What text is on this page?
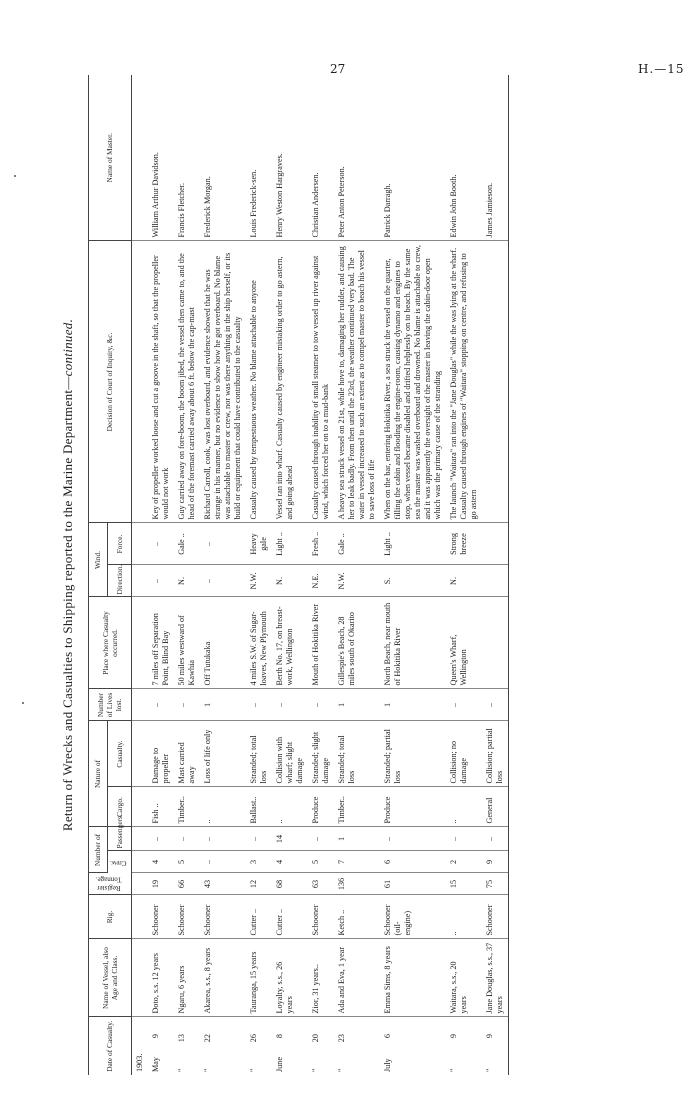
27	H.—15
Return of Wrecks and Casualties to Shipping reported to the Marine Department—continued.
Date of Casualty.	Name of Vessel, also Age and Class.	Rig.	Register Tonnage.	Number of		Nature of		Number of Lives lost.	Place where Casualty occurred.	Wind.		Decision of Court of Inquiry, &c.	Name of Master.
				Crew.	Passengers.	Cargo.	Casualty.			Direction.	Force.		
1903.													
May9	Doto, s.s. 12 years	Schooner	19	4	..	Fish ..	Damage to propeller	..	7 miles off Separation Point, Blind Bay	..	..	Key of propeller worked loose and cut a groove in the shaft, so that the propeller would not work	William Arthur Davidson.
"13	Ngaru, 6 years	Schooner	66	5	..	Timber..	Mast carried away	..	50 miles westward of Kawhia	N.	Gale ..	Guy carried away on fore-boom, the boom jibed, the vessel then came to, and the head of the foremast carried away about 6 ft. below the cap-mast	Francis Fletcher.
"22	Akarea, s.s., 8 years	Schooner	43	..	..	..	Loss of life only	1	Off Tutukaka	..	..	Richard Carroll, cook, was lost overboard, and evidence showed that he was strange in his manner, but no evidence to show how he got overboard. No blame was attachable to master or crew, nor was there anything in the ship herself, or its build or equipment that could have contributed to the casualty	Frederick Morgan.
"26	Tauranga, 15 years	Cutter ..	12	3	..	Ballast..	Stranded; total loss	..	4 miles S.W. of Sugar-loaves, New Plymouth	N.W.	Heavy gale	Casualty caused by tempestuous weather. No blame attachable to anyone	Louis Frederick-sen.
June8	Loyalty, s.s., 26 years	Cutter ..	68	4	14	..	Collision with wharf; slight damage	..	Berth No. 17, on breast-work, Wellington	N.	Light ..	Vessel ran into wharf. Casualty caused by engineer mistaking order to go astern, and going ahead	Henry Weston Hargraves.
"20	Zior, 31 years..	Schooner	63	5	..	Produce	Stranded; slight damage	..	Mouth of Hokitika River	N.E.	Fresh ..	Casualty caused through inability of small steamer to tow vessel up river against wind, which forced her on to a mud-bank	Christian Andersen.
"23	Ada and Eva, 1 year	Ketch ..	136	7	1	Timber..	Stranded; total loss	1	Gillespie's Beach, 28 miles south of Okarito	N.W.	Gale ..	A heavy sea struck vessel on 21st, while hove to, damaging her rudder, and causing her to leak badly. From then until the 23rd, the weather continued very bad. The water in vessel increased to such an extent as to compel master to beach his vessel to save loss of life	Peter Anton Peterson.
July6	Emma Sims, 8 years	Schooner (oil-engine)	61	6	..	Produce	Stranded; partial loss	1	North Beach, near mouth of Hokitika River	S.	Light ..	When on the bar, entering Hokitika River, a sea struck the vessel on the quarter, filling the cabin and flooding the engine-room, causing dynamo and engines to stop, when vessel became disabled and drifted helplessly on to beach. By the same sea the master was washed overboard and drowned. No blame is attachable to crew, and it was apparently the oversight of the master in leaving the cabin-door open which was the primary cause of the stranding	Patrick Darragh.
"9	Waitara, s.s., 20 years	..	15	2	..	..	Collision; no damage	..	Queen's Wharf, Wellington	N.	Strong breeze	The launch "Waitara" ran into the "Jane Douglas" while the was lying at the wharf. Casualty caused through engines of "Waitara" stopping on centre, and refusing to go astern	Edwin John Booth.
"9	Jane Douglas, s.s., 37 years	Schooner	75	9	..	General	Collision; partial loss	..					James Jamieson.
